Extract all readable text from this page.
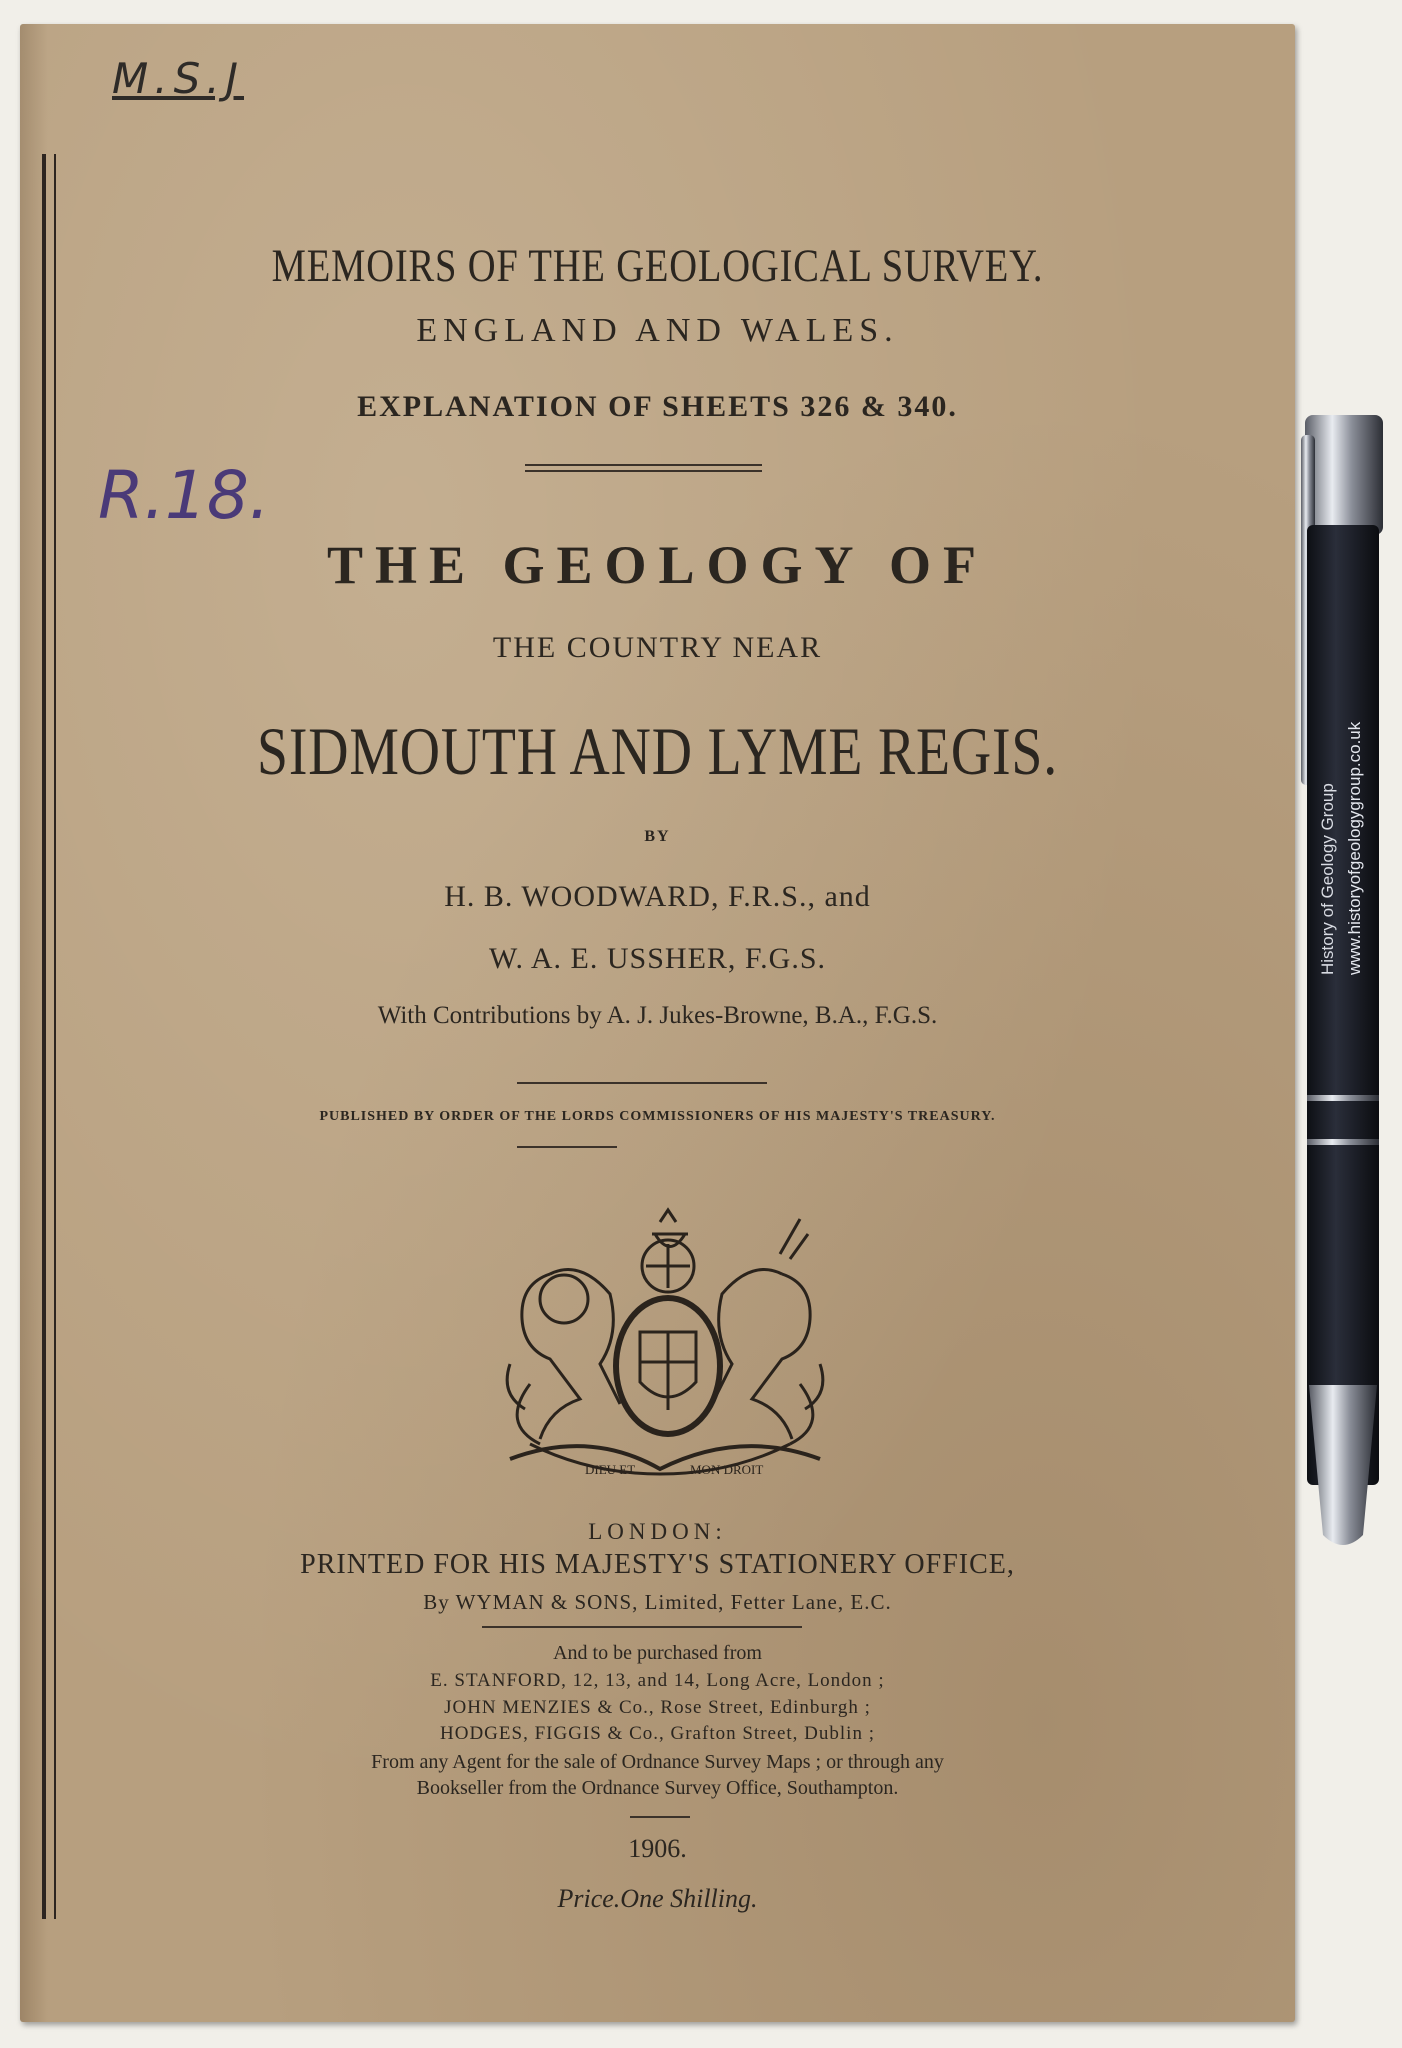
M.S.J
R.18.
MEMOIRS OF THE GEOLOGICAL SURVEY.
ENGLAND AND WALES.
EXPLANATION OF SHEETS 326 & 340.
THE GEOLOGY OF
THE COUNTRY NEAR
SIDMOUTH AND LYME REGIS.
BY
H. B. WOODWARD, F.R.S., and
W. A. E. USSHER, F.G.S.
With Contributions by A. J. Jukes-Browne, B.A., F.G.S.
PUBLISHED BY ORDER OF THE LORDS COMMISSIONERS OF HIS MAJESTY'S TREASURY.
DIEU ET	MON DROIT
LONDON:
PRINTED FOR HIS MAJESTY'S STATIONERY OFFICE,
By WYMAN & SONS, Limited, Fetter Lane, E.C.
And to be purchased from
E. STANFORD, 12, 13, and 14, Long Acre, London ;
JOHN MENZIES & Co., Rose Street, Edinburgh ;
HODGES, FIGGIS & Co., Grafton Street, Dublin ;
From any Agent for the sale of Ordnance Survey Maps ; or through any
Bookseller from the Ordnance Survey Office, Southampton.
1906.
Price.One Shilling.
History of Geology Group www.historyofgeologygroup.co.uk
